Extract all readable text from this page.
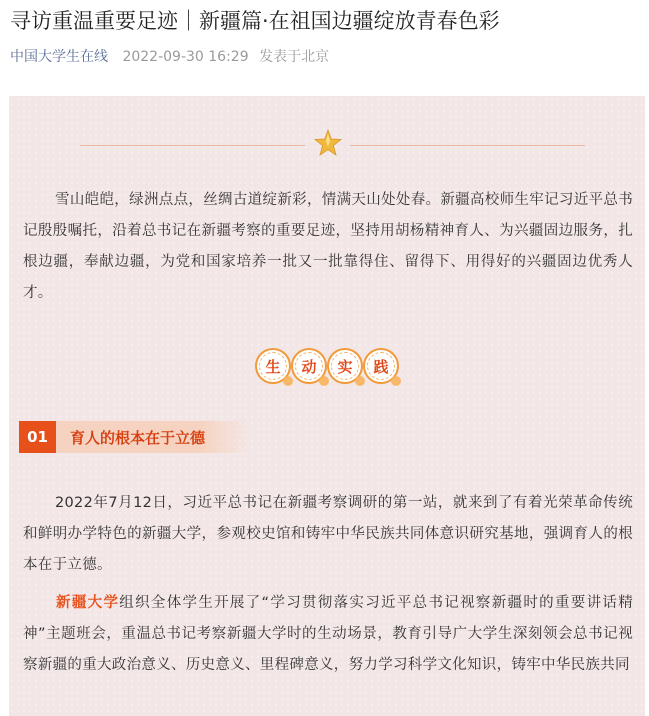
寻访重温重要足迹｜新疆篇·在祖国边疆绽放青春色彩
中国大学生在线 2022-09-30 16:29 发表于北京

雪山皑皑，绿洲点点，丝绸古道绽新彩，情满天山处处春。新疆高校师生牢记习近平总书记殷殷嘱托，沿着总书记在新疆考察的重要足迹，坚持用胡杨精神育人、为兴疆固边服务，扎根边疆，奉献边疆，为党和国家培养一批又一批靠得住、留得下、用得好的兴疆固边优秀人才。

生	动	实	践
01	育人的根本在于立德

2022年7月12日，习近平总书记在新疆考察调研的第一站，就来到了有着光荣革命传统和鲜明办学特色的新疆大学，参观校史馆和铸牢中华民族共同体意识研究基地，强调育人的根本在于立德。

新疆大学组织全体学生开展了“学习贯彻落实习近平总书记视察新疆时的重要讲话精神”主题班会，重温总书记考察新疆大学时的生动场景，教育引导广大学生深刻领会总书记视察新疆的重大政治意义、历史意义、里程碑意义，努力学习科学文化知识，铸牢中华民族共同
